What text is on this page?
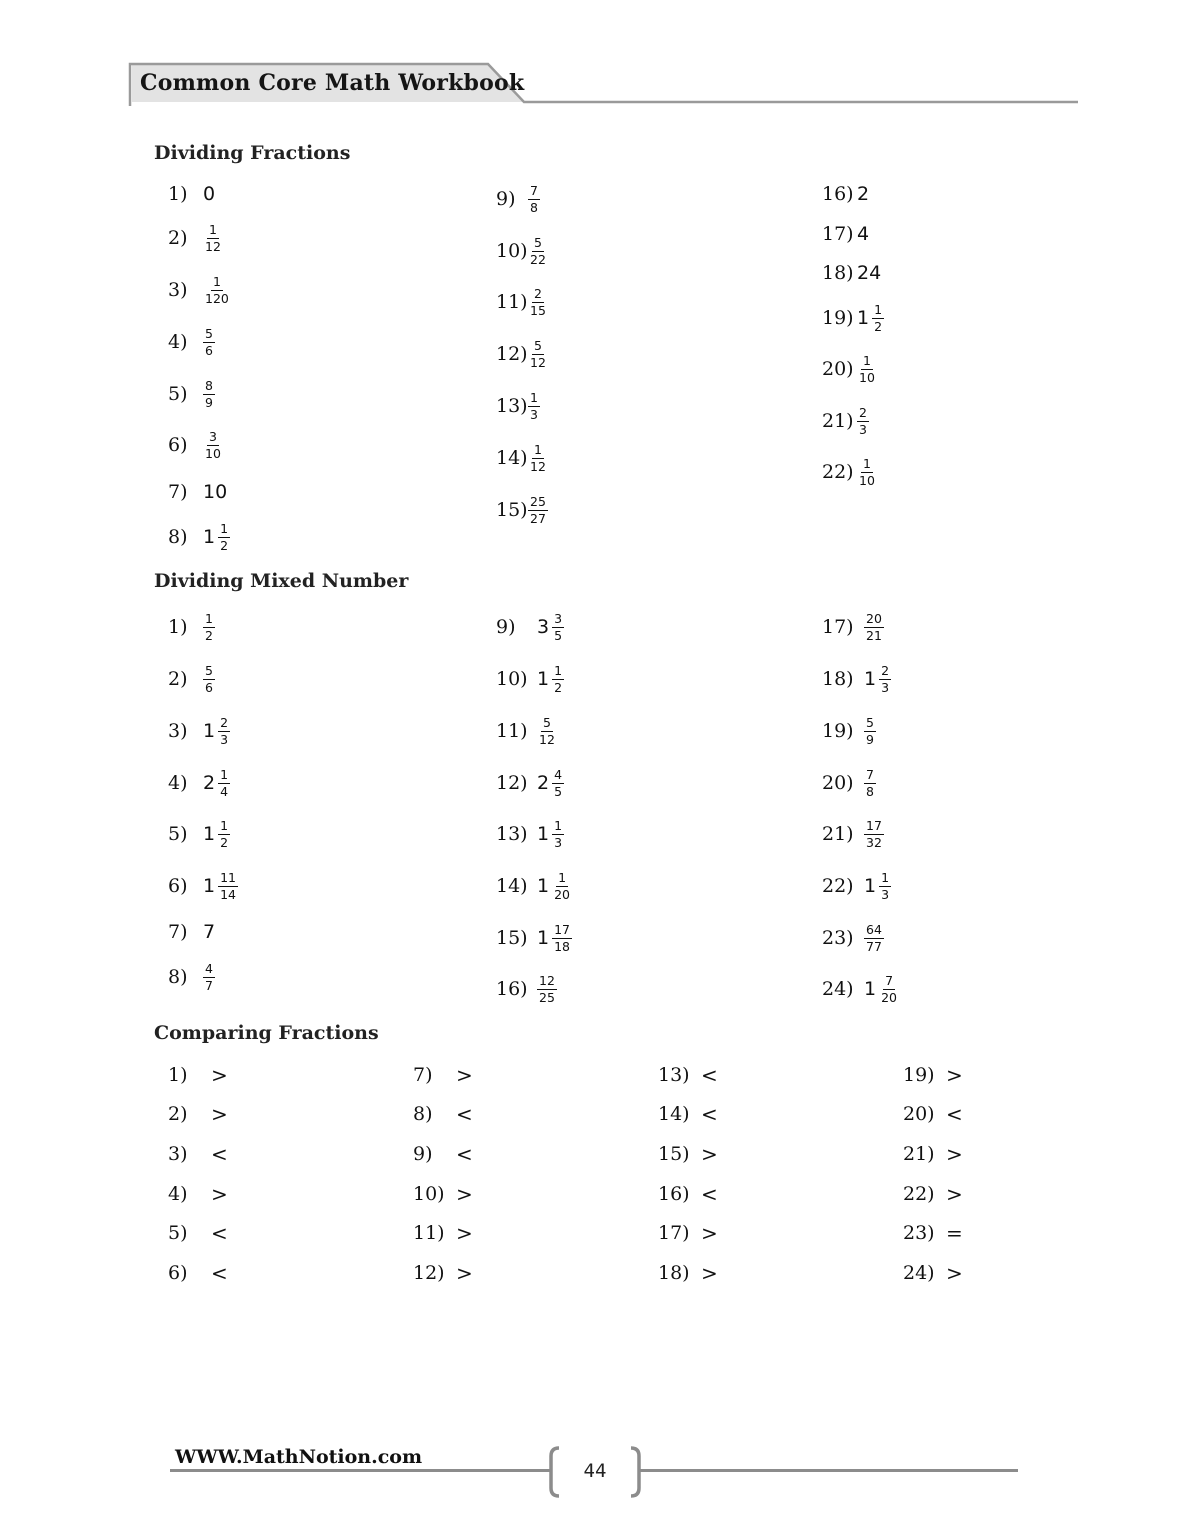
Common Core Math Workbook
Dividing Fractions
Dividing Mixed Number
Comparing Fractions
1) 0
$2) \frac{1}{12}$
$3) \frac{1}{120}$
$4) \frac{5}{6}$
$5) \frac{8}{9}$
$6) \frac{3}{10}$
7) 10
8) $1 \frac{1}{2}$
$9) \frac{7}{8}$
$10) \frac{5}{22}$
$11) \frac{2}{15}$
$12) \frac{5}{12}$
$13) \frac{1}{3}$
$14) \frac{1}{12}$
$15) \frac{25}{27}$
16) 2
17) 4
18) 24
19) $1 \frac{1}{2}$
$20) \frac{1}{10}$
$21) \frac{2}{3}$
$22) \frac{1}{10}$
$1) \frac{1}{2}$
$2) \frac{5}{6}$
3) $1 \frac{2}{3}$
4) $2 \frac{1}{4}$
5) $1 \frac{1}{2}$
6) $1 \frac{11}{14}$
7) 7
$8) \frac{4}{7}$
9) $3 \frac{3}{5}$
10) $1 \frac{1}{2}$
$11) \frac{5}{12}$
12) $2 \frac{4}{5}$
13) $1 \frac{1}{3}$
14) $1 \frac{1}{20}$
15) $1 \frac{17}{18}$
$16) \frac{12}{25}$
$17) \frac{20}{21}$
18) $1 \frac{2}{3}$
$19) \frac{5}{9}$
$20) \frac{7}{8}$
$21) \frac{17}{32}$
22) $1 \frac{1}{3}$
$23) \frac{64}{77}$
24) $1 \frac{7}{20}$
1) >
2) >
3) <
4) >
5) <
6) <
7) >
8) <
9) <
10) >
11) >
12) >
13) <
14) <
15) >
16) <
17) >
18) >
19) >
20) <
21) >
22) >
23) =
24) >
WWW.MathNotion.com
44
